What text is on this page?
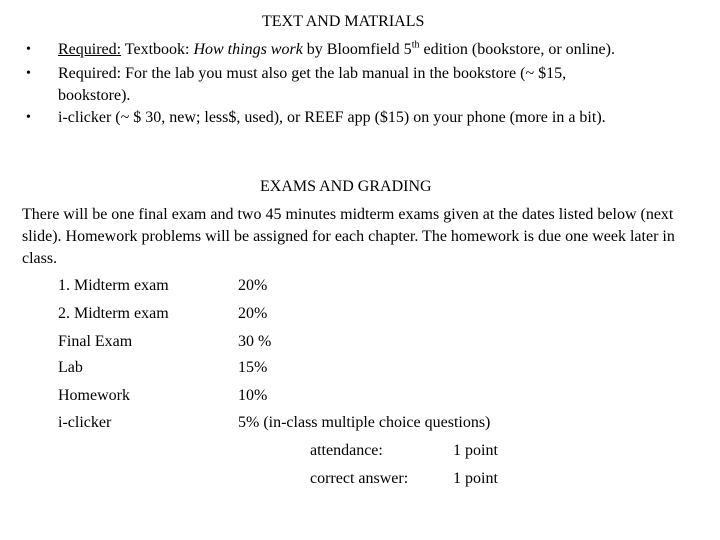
TEXT AND MATRIALS
• Required: Textbook: How things work by Bloomfield 5th edition (bookstore, or online).
• Required: For the lab you must also get the lab manual in the bookstore (~ $15,
bookstore).
• i-clicker (~ $ 30, new; less$, used), or REEF app ($15) on your phone (more in a bit).
EXAMS AND GRADING
There will be one final exam and two 45 minutes midterm exams given at the dates listed below (next slide). Homework problems will be assigned for each chapter. The homework is due one week later in class.
1. Midterm exam	20%
2. Midterm exam	20%
Final Exam	30 %
Lab	15%
Homework	10%
i-clicker	5% (in-class multiple choice questions)
attendance:	1 point
correct answer:	1 point
